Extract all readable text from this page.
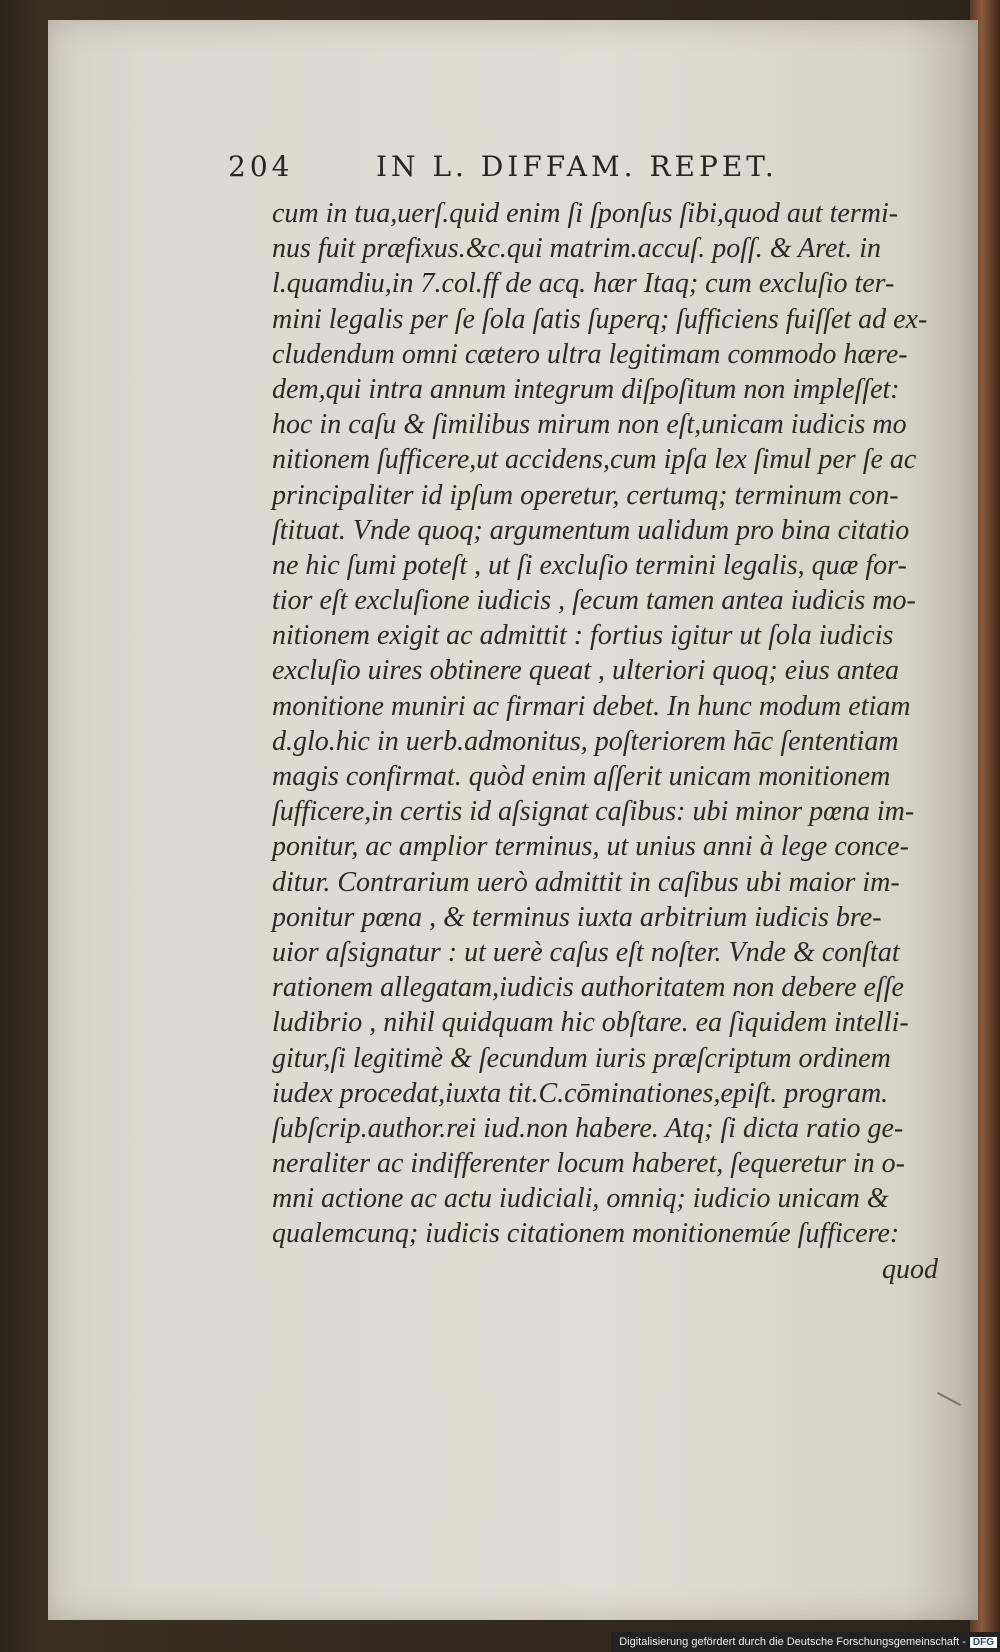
204	IN L. DIFFAM. REPET.
cum in tua,uerſ.quid enim ſi ſponſus ſibi,quod aut termi-
nus fuit præfixus.&c.qui matrim.accuſ. poſſ. & Aret. in
l.quamdiu,in 7.col.ff de acq. hær Itaq; cum excluſio ter-
mini legalis per ſe ſola ſatis ſuperq; ſufficiens fuiſſet ad ex-
cludendum omni cætero ultra legitimam commodo hære-
dem,qui intra annum integrum diſpoſitum non impleſſet:
hoc in caſu & ſimilibus mirum non eſt,unicam iudicis mo
nitionem ſufficere,ut accidens,cum ipſa lex ſimul per ſe ac
principaliter id ipſum operetur, certumq; terminum con-
ſtituat. Vnde quoq; argumentum ualidum pro bina citatio
ne hic ſumi poteſt , ut ſi excluſio termini legalis, quæ for-
tior eſt excluſione iudicis , ſecum tamen antea iudicis mo-
nitionem exigit ac admittit : fortius igitur ut ſola iudicis
excluſio uires obtinere queat , ulteriori quoq; eius antea
monitione muniri ac firmari debet. In hunc modum etiam
d.glo.hic in uerb.admonitus, poſteriorem hāc ſententiam
magis confirmat. quòd enim aſſerit unicam monitionem
ſufficere,in certis id aſsignat caſibus: ubi minor pœna im-
ponitur, ac amplior terminus, ut unius anni à lege conce-
ditur. Contrarium uerò admittit in caſibus ubi maior im-
ponitur pœna , & terminus iuxta arbitrium iudicis bre-
uior aſsignatur : ut uerè caſus eſt noſter. Vnde & conſtat
rationem allegatam,iudicis authoritatem non debere eſſe
ludibrio , nihil quidquam hic obſtare. ea ſiquidem intelli-
gitur,ſi legitimè & ſecundum iuris præſcriptum ordinem
iudex procedat,iuxta tit.C.cōminationes,epiſt. program.
ſubſcrip.author.rei iud.non habere. Atq; ſi dicta ratio ge-
neraliter ac indifferenter locum haberet, ſequeretur in o-
mni actione ac actu iudiciali, omniq; iudicio unicam &
qualemcunq; iudicis citationem monitionemúe ſufficere:
quod
Digitalisierung gefördert durch die Deutsche Forschungsgemeinschaft - DFG
